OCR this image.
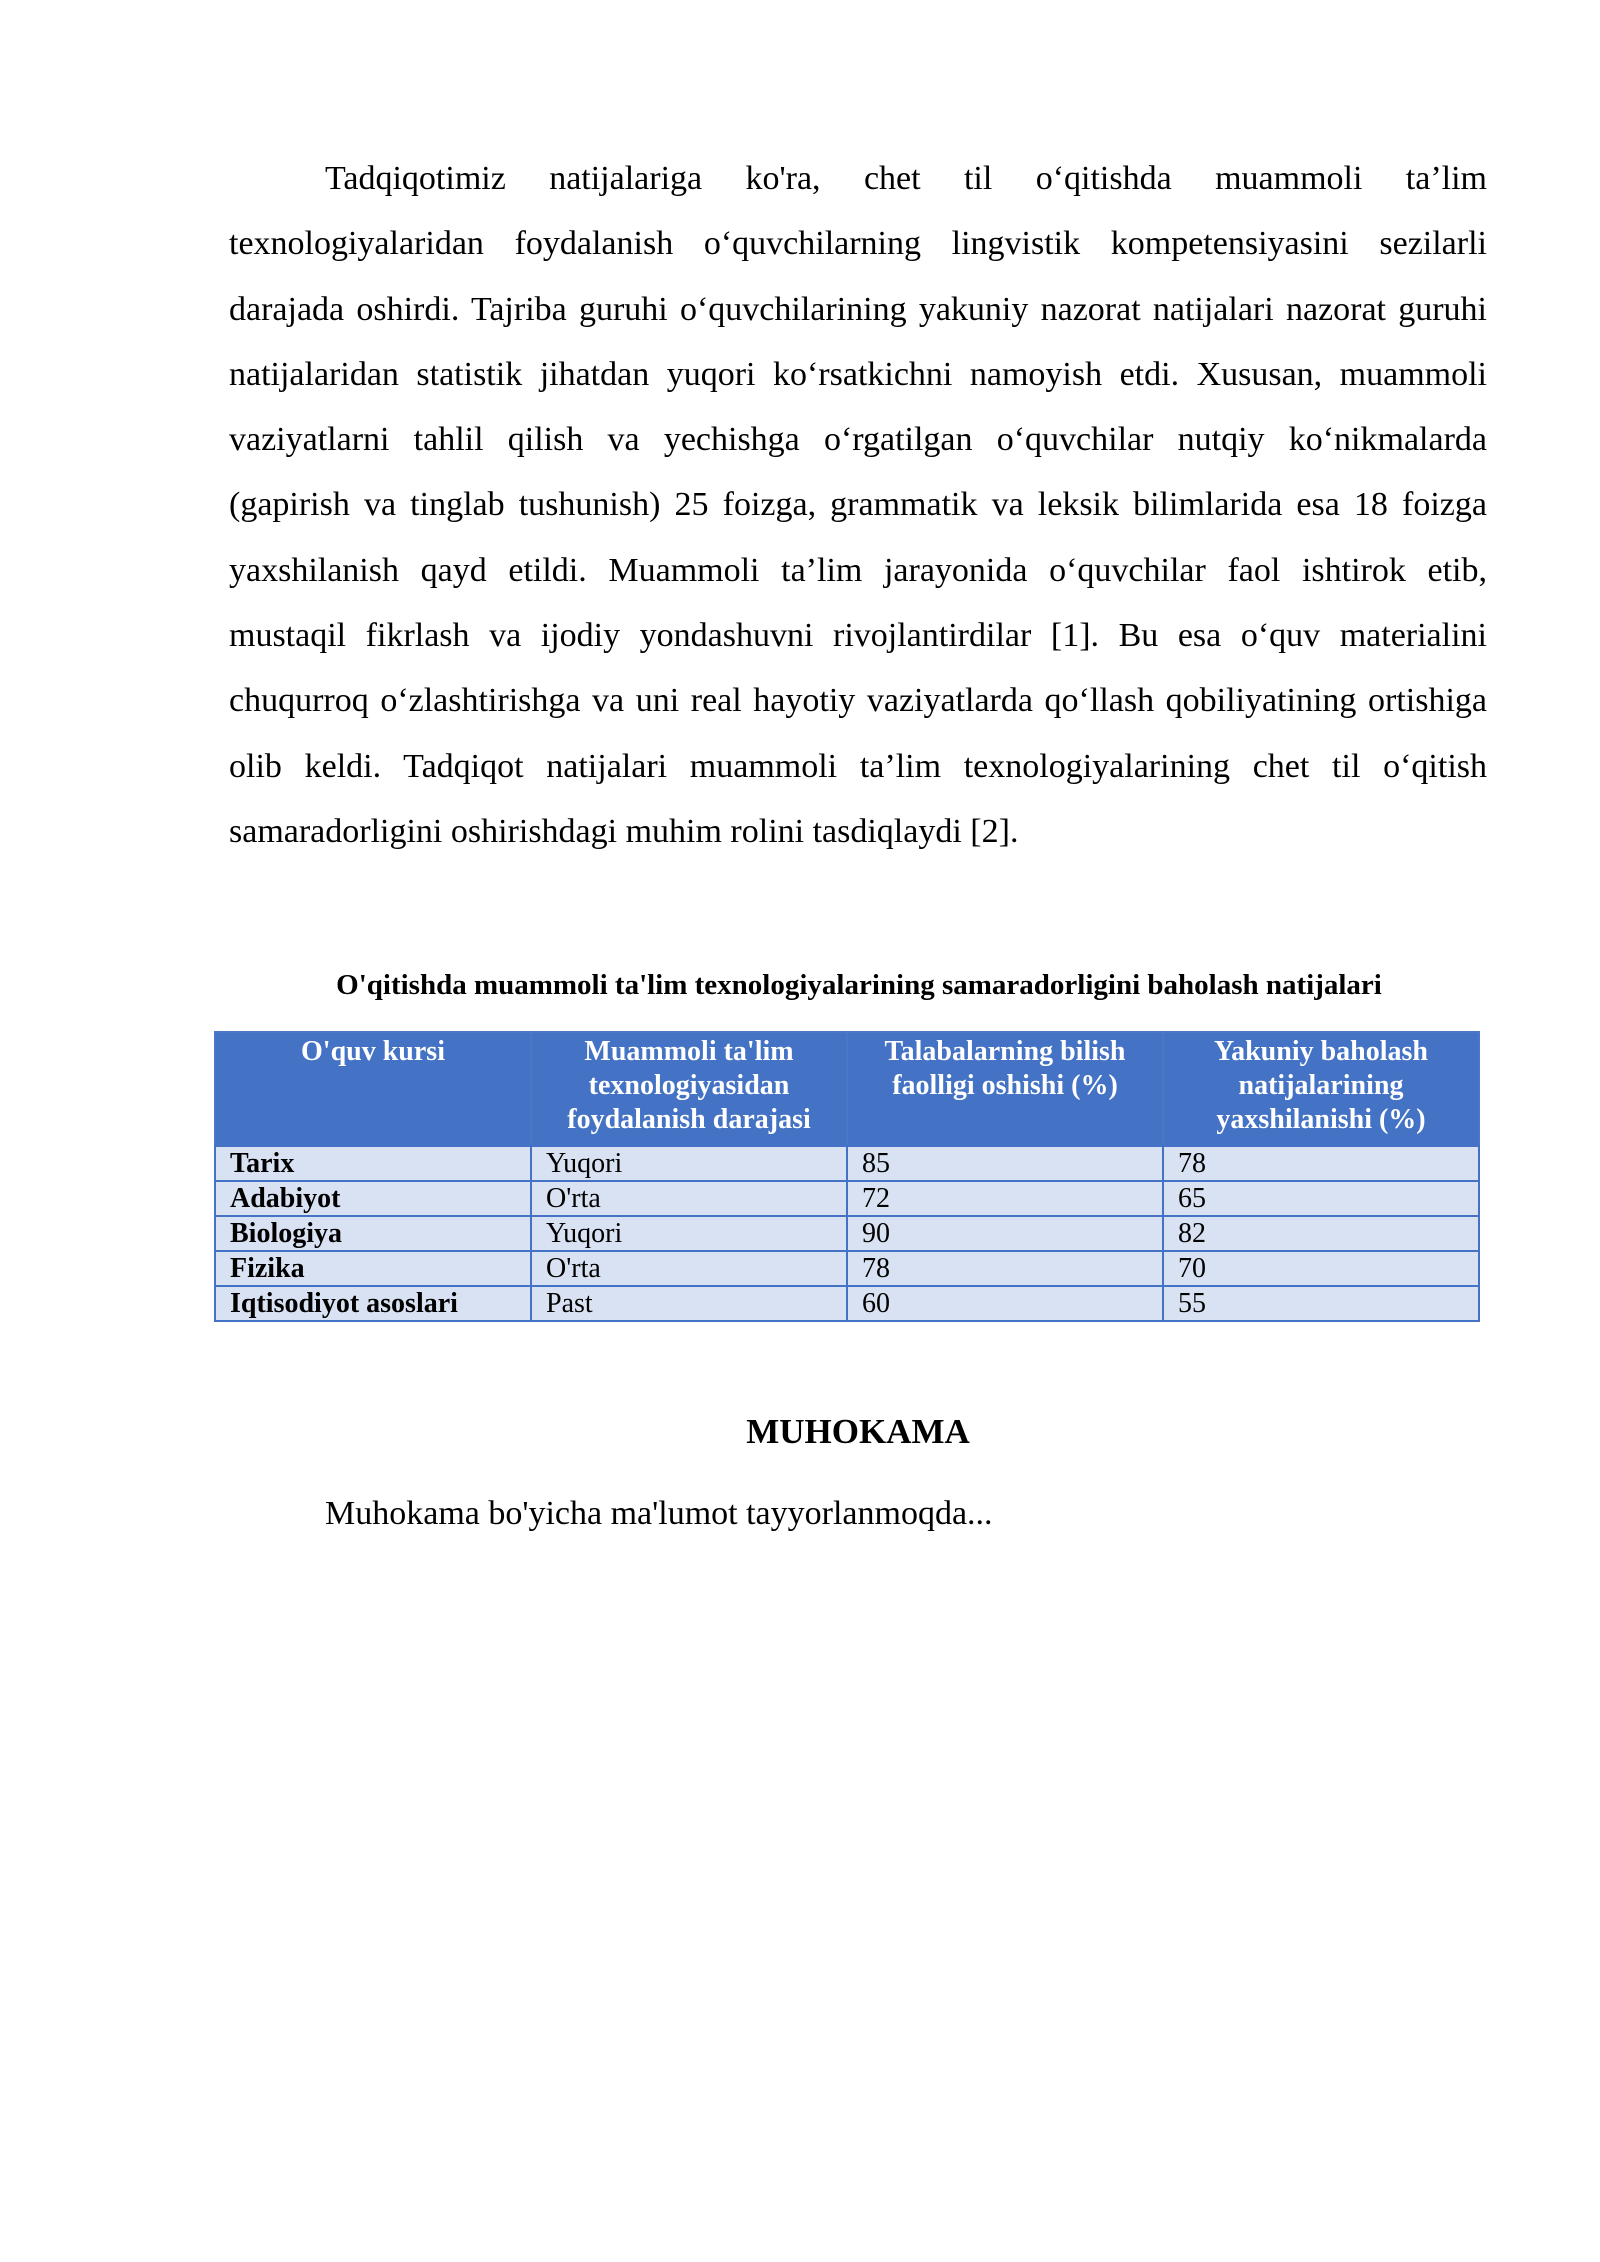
Tadqiqotimiz natijalariga ko'ra, chet til o‘qitishda muammoli ta’lim texnologiyalaridan foydalanish o‘quvchilarning lingvistik kompetensiyasini sezilarli darajada oshirdi. Tajriba guruhi o‘quvchilarining yakuniy nazorat natijalari nazorat guruhi natijalaridan statistik jihatdan yuqori ko‘rsatkichni namoyish etdi. Xususan, muammoli vaziyatlarni tahlil qilish va yechishga o‘rgatilgan o‘quvchilar nutqiy ko‘nikmalarda (gapirish va tinglab tushunish) 25 foizga, grammatik va leksik bilimlarida esa 18 foizga yaxshilanish qayd etildi. Muammoli ta’lim jarayonida o‘quvchilar faol ishtirok etib, mustaqil fikrlash va ijodiy yondashuvni rivojlantirdilar [1]. Bu esa o‘quv materialini chuqurroq o‘zlashtirishga va uni real hayotiy vaziyatlarda qo‘llash qobiliyatining ortishiga olib keldi. Tadqiqot natijalari muammoli ta’lim texnologiyalarining chet til o‘qitish samaradorligini oshirishdagi muhim rolini tasdiqlaydi [2].

O'qitishda muammoli ta'lim texnologiyalarining samaradorligini baholash natijalari

O'quv kursi	Muammoli ta'lim texnologiyasidan foydalanish darajasi	Talabalarning bilish faolligi oshishi (%)	Yakuniy baholash natijalarining yaxshilanishi (%)
Tarix	Yuqori	85	78
Adabiyot	O'rta	72	65
Biologiya	Yuqori	90	82
Fizika	O'rta	78	70
Iqtisodiyot asoslari	Past	60	55
MUHOKAMA

Muhokama bo'yicha ma'lumot tayyorlanmoqda...
